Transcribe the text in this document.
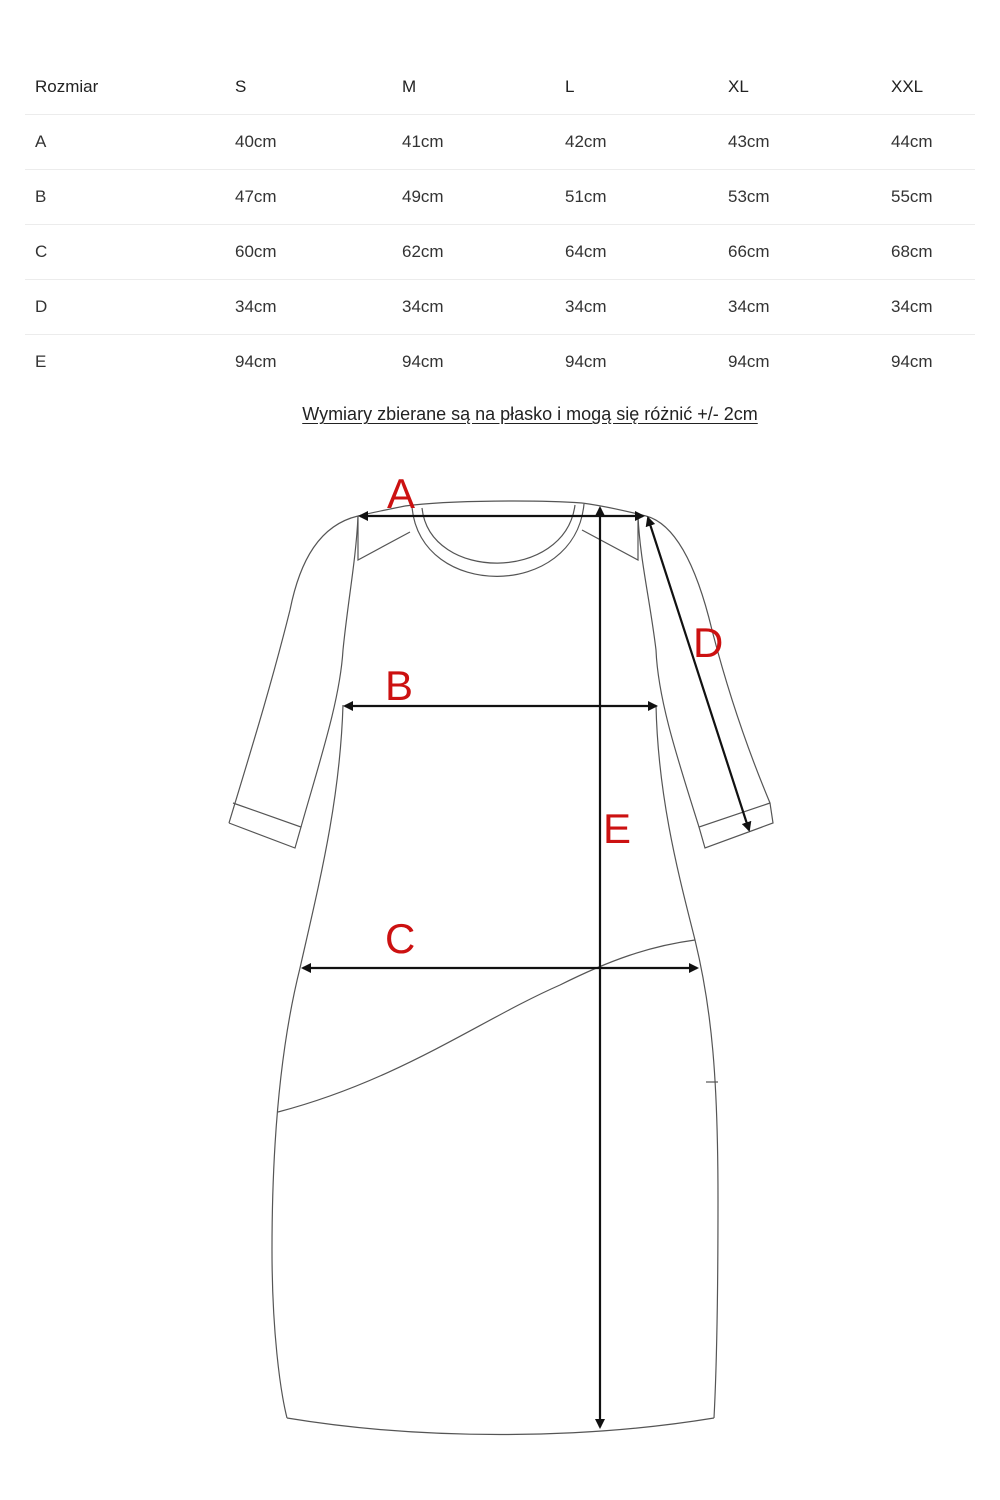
Rozmiar	S	M	L	XL	XXL
A	40cm	41cm	42cm	43cm	44cm
B	47cm	49cm	51cm	53cm	55cm
C	60cm	62cm	64cm	66cm	68cm
D	34cm	34cm	34cm	34cm	34cm
E	94cm	94cm	94cm	94cm	94cm
Wymiary zbierane są na płasko i mogą się różnić +/- 2cm
A
B
C
D
E
